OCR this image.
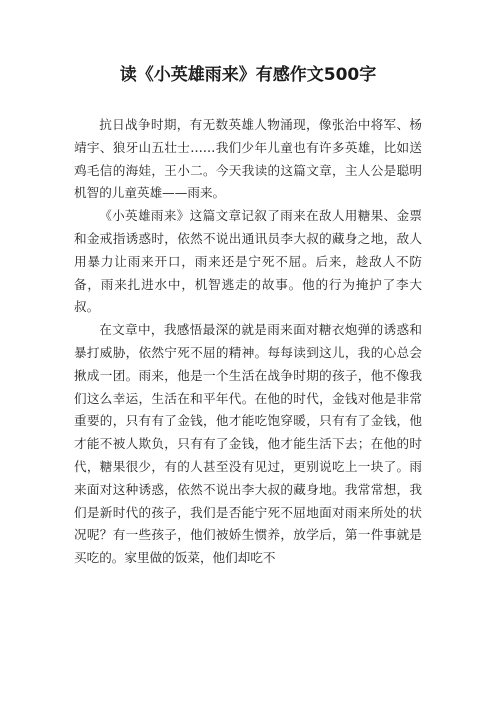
读《小英雄雨来》有感作文500字

抗日战争时期，有无数英雄人物涌现，像张治中将军、杨靖宇、狼牙山五壮士……我们少年儿童也有许多英雄，比如送鸡毛信的海娃，王小二。今天我读的这篇文章，主人公是聪明机智的儿童英雄——雨来。

《小英雄雨来》这篇文章记叙了雨来在敌人用糖果、金票和金戒指诱惑时，依然不说出通讯员李大叔的藏身之地，敌人用暴力让雨来开口，雨来还是宁死不屈。后来，趁敌人不防备，雨来扎进水中，机智逃走的故事。他的行为掩护了李大叔。

在文章中，我感悟最深的就是雨来面对糖衣炮弹的诱惑和暴打威胁，依然宁死不屈的精神。每每读到这儿，我的心总会揪成一团。雨来，他是一个生活在战争时期的孩子，他不像我们这么幸运，生活在和平年代。在他的时代，金钱对他是非常重要的，只有有了金钱，他才能吃饱穿暖，只有有了金钱，他才能不被人欺负，只有有了金钱，他才能生活下去；在他的时代，糖果很少，有的人甚至没有见过，更别说吃上一块了。雨来面对这种诱惑，依然不说出李大叔的藏身地。我常常想，我们是新时代的孩子，我们是否能宁死不屈地面对雨来所处的状况呢？有一些孩子，他们被娇生惯养，放学后，第一件事就是买吃的。家里做的饭菜，他们却吃不
